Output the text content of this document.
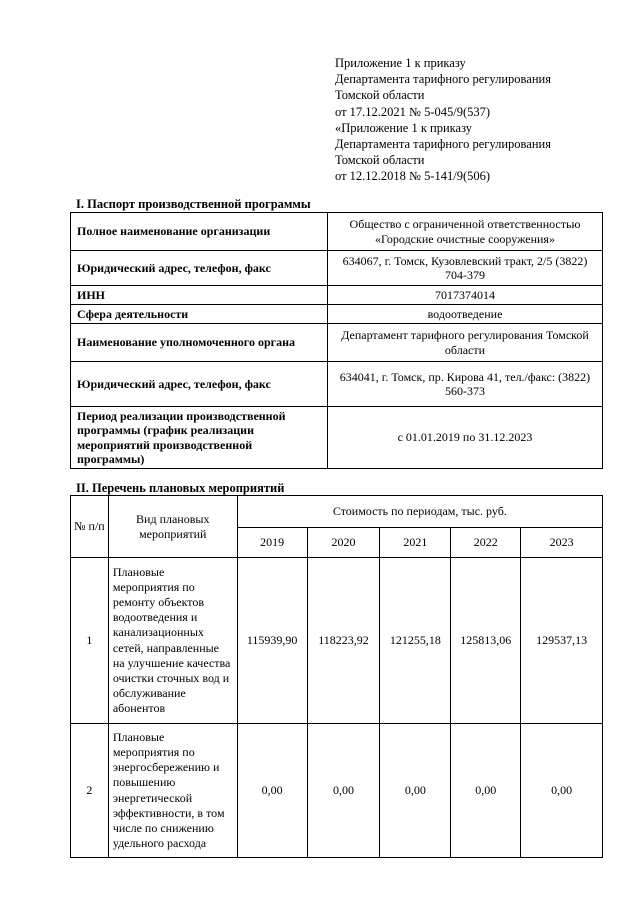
Приложение 1 к приказу
Департамента тарифного регулирования
Томской области
от 17.12.2021 № 5-045/9(537)
«Приложение 1 к приказу
Департамента тарифного регулирования
Томской области
от 12.12.2018 № 5-141/9(506)
I. Паспорт производственной программы
Полное наименование организации	Общество с ограниченной ответственностью «Городские очистные сооружения»
Юридический адрес, телефон, факс	634067, г. Томск, Кузовлевский тракт, 2/5 (3822) 704-379
ИНН	7017374014
Сфера деятельности	водоотведение
Наименование уполномоченного органа	Департамент тарифного регулирования Томской области
Юридический адрес, телефон, факс	634041, г. Томск, пр. Кирова 41, тел./факс: (3822) 560-373
Период реализации производственной программы (график реализации мероприятий производственной программы)	с 01.01.2019 по 31.12.2023
II. Перечень плановых мероприятий
№ п/п	Вид плановых мероприятий	Стоимость по периодам, тыс. руб.				
		2019	2020	2021	2022	2023
1	Плановые мероприятия по ремонту объектов водоотведения и канализационных сетей, направленные на улучшение качества очистки сточных вод и обслуживание абонентов	115939,90	118223,92	121255,18	125813,06	129537,13
2	Плановые мероприятия по энергосбережению и повышению энергетической эффективности, в том числе по снижению удельного расхода	0,00	0,00	0,00	0,00	0,00
